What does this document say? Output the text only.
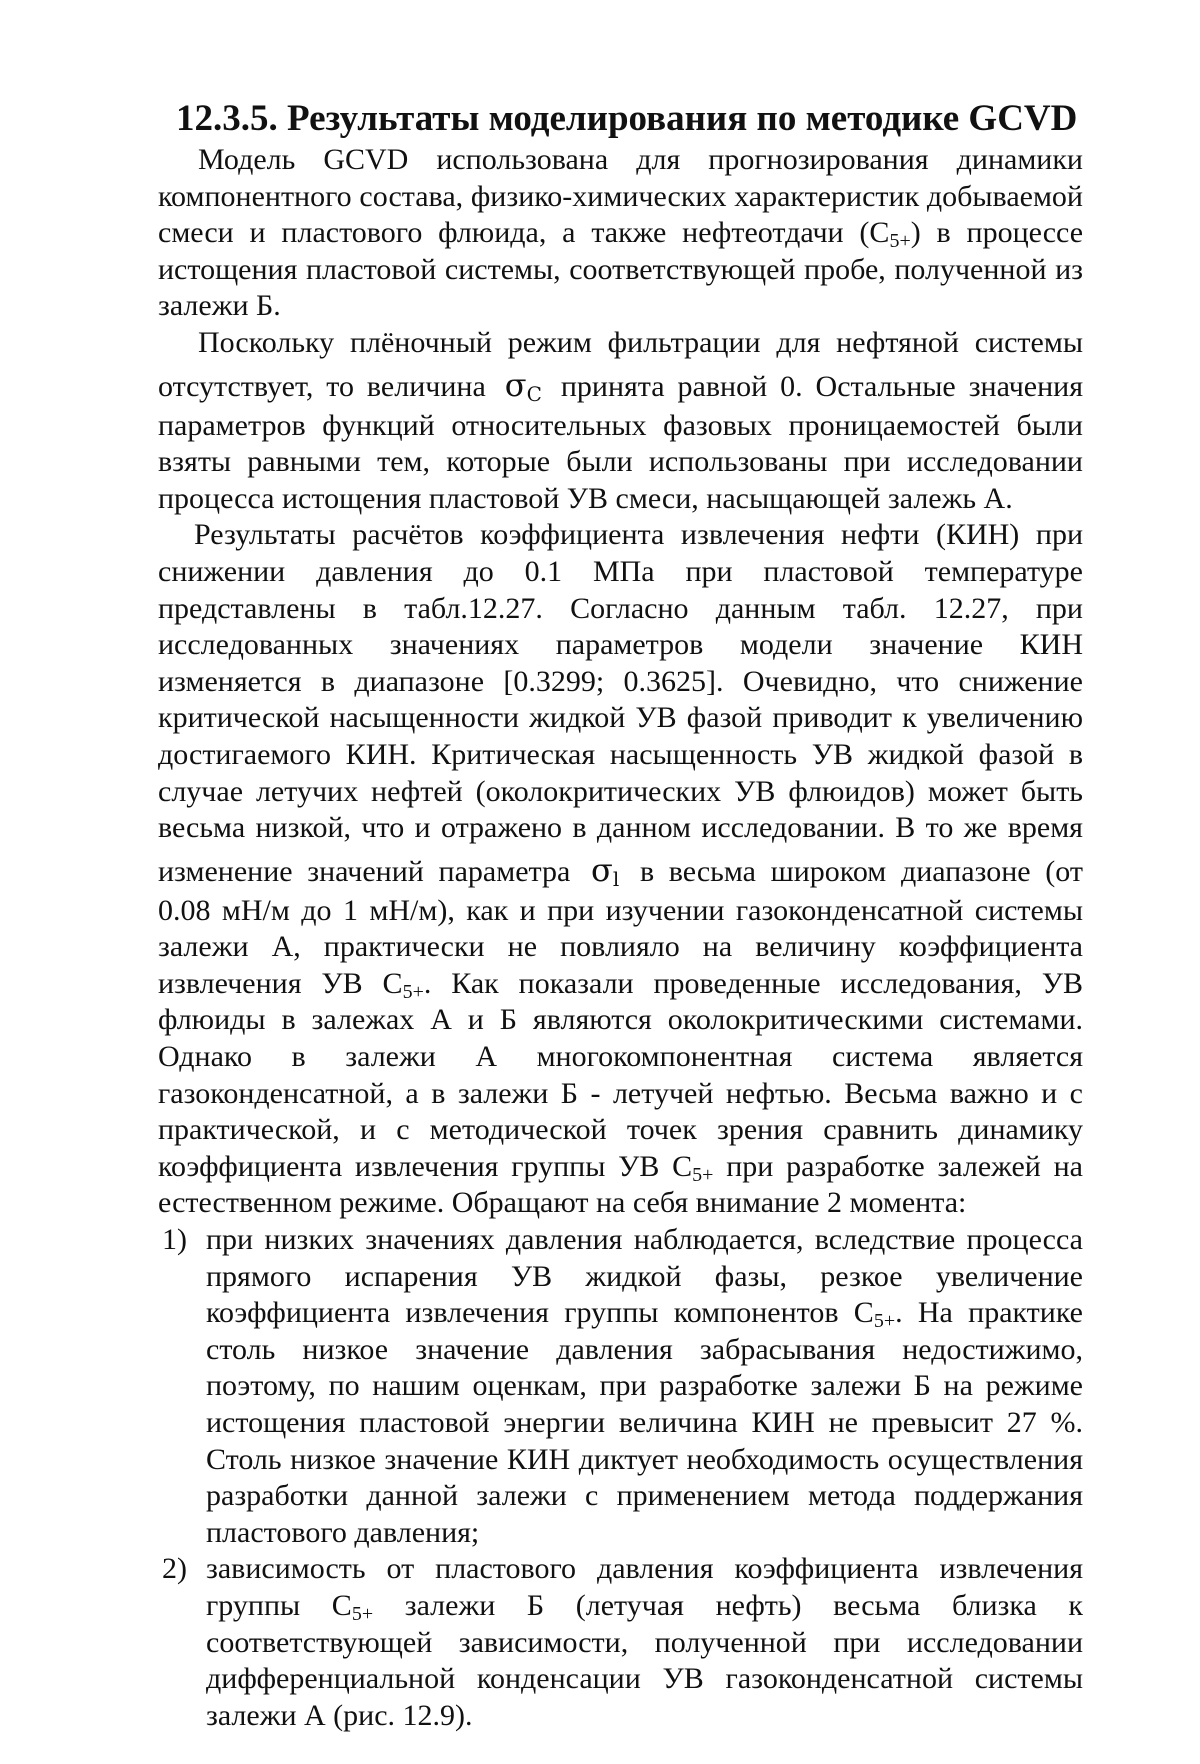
12.3.5. Результаты моделирования по методике GCVD

Модель GCVD использована для прогнозирования динамики компонентного состава, физико-химических характеристик добываемой смеси и пластового флюида, а также нефтеотдачи $(C_{5+})$ в процессе истощения пластовой системы, соответствующей пробе, полученной из залежи Б.

Поскольку плёночный режим фильтрации для нефтяной системы отсутствует, то величина $\sigma_C$ принята равной 0. Остальные значения параметров функций относительных фазовых проницаемостей были взяты равными тем, которые были использованы при исследовании процесса истощения пластовой УВ смеси, насыщающей залежь А.

Результаты расчётов коэффициента извлечения нефти (КИН) при снижении давления до 0.1 МПа при пластовой температуре представлены в табл.12.27. Согласно данным табл. 12.27, при исследованных значениях параметров модели значение КИН изменяется в диапазоне [0.3299; 0.3625]. Очевидно, что снижение критической насыщенности жидкой УВ фазой приводит к увеличению достигаемого КИН. Критическая насыщенность УВ жидкой фазой в случае летучих нефтей (околокритических УВ флюидов) может быть весьма низкой, что и отражено в данном исследовании. В то же время изменение значений параметра $\sigma_l$ в весьма широком диапазоне (от 0.08 мН/м до 1 мН/м), как и при изучении газоконденсатной системы залежи А, практически не повлияло на величину коэффициента извлечения УВ $C_{5+}$. Как показали проведенные исследования, УВ флюиды в залежах А и Б являются околокритическими системами. Однако в залежи А многокомпонентная система является газоконденсатной, а в залежи Б - летучей нефтью. Весьма важно и с практической, и с методической точек зрения сравнить динамику коэффициента извлечения группы УВ $C_{5+}$ при разработке залежей на естественном режиме. Обращают на себя внимание 2 момента:

1) при низких значениях давления наблюдается, вследствие процесса прямого испарения УВ жидкой фазы, резкое увеличение коэффициента извлечения группы компонентов $C_{5+}$. На практике столь низкое значение давления забрасывания недостижимо, поэтому, по нашим оценкам, при разработке залежи Б на режиме истощения пластовой энергии величина КИН не превысит 27 %. Столь низкое значение КИН диктует необходимость осуществления разработки данной залежи с применением метода поддержания пластового давления;
2) зависимость от пластового давления коэффициента извлечения группы $C_{5+}$ залежи Б (летучая нефть) весьма близка к соответствующей зависимости, полученной при исследовании дифференциальной конденсации УВ газоконденсатной системы залежи А (рис. 12.9).
